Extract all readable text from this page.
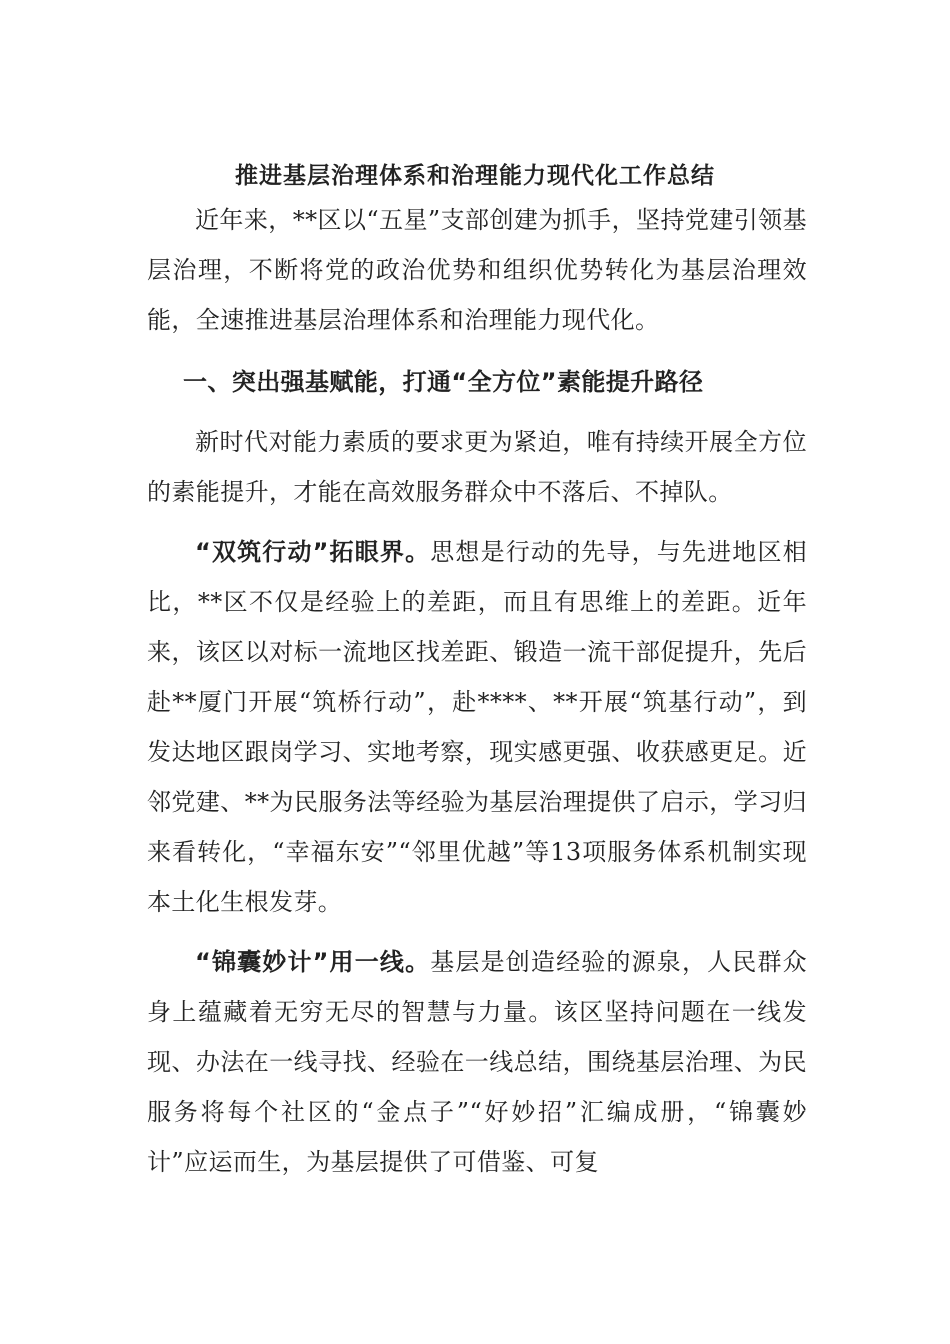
推进基层治理体系和治理能力现代化工作总结

近年来，**区以“五星”支部创建为抓手，坚持党建引领基层治理，不断将党的政治优势和组织优势转化为基层治理效能，全速推进基层治理体系和治理能力现代化。

一、突出强基赋能，打通“全方位”素能提升路径

新时代对能力素质的要求更为紧迫，唯有持续开展全方位的素能提升，才能在高效服务群众中不落后、不掉队。

“双筑行动”拓眼界。思想是行动的先导，与先进地区相比，**区不仅是经验上的差距，而且有思维上的差距。近年来，该区以对标一流地区找差距、锻造一流干部促提升，先后赴**厦门开展“筑桥行动”，赴****、**开展“筑基行动”，到发达地区跟岗学习、实地考察，现实感更强、收获感更足。近邻党建、**为民服务法等经验为基层治理提供了启示，学习归来看转化，“幸福东安”“邻里优越”等13项服务体系机制实现本土化生根发芽。

“锦囊妙计”用一线。基层是创造经验的源泉，人民群众身上蕴藏着无穷无尽的智慧与力量。该区坚持问题在一线发现、办法在一线寻找、经验在一线总结，围绕基层治理、为民服务将每个社区的“金点子”“好妙招”汇编成册，“锦囊妙计”应运而生，为基层提供了可借鉴、可复
